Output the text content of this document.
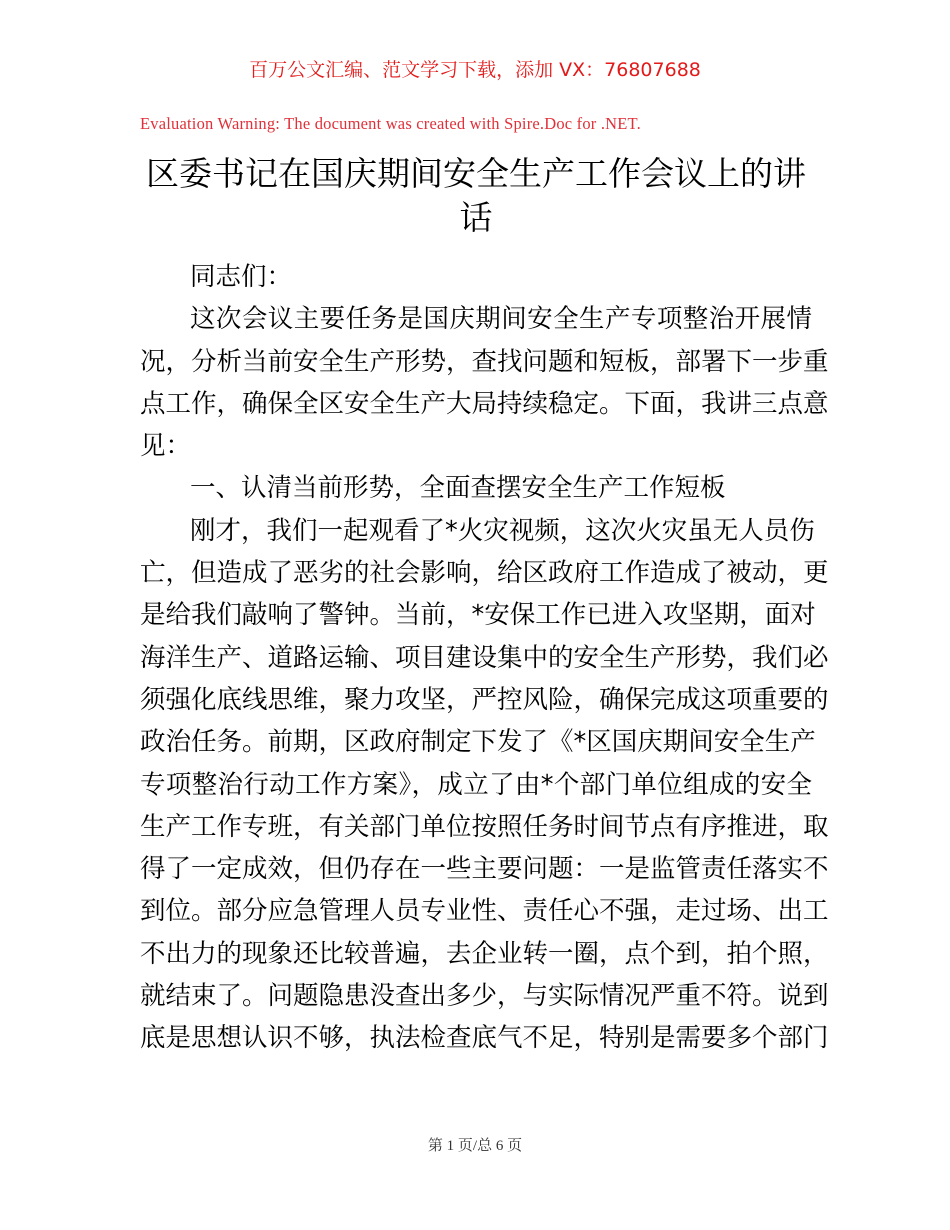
百万公文汇编、范文学习下载，添加 VX：76807688
Evaluation Warning: The document was created with Spire.Doc for .NET.
区委书记在国庆期间安全生产工作会议上的讲
话
同志们：
这次会议主要任务是国庆期间安全生产专项整治开展情
况，分析当前安全生产形势，查找问题和短板，部署下一步重
点工作，确保全区安全生产大局持续稳定。下面，我讲三点意
见：
一、认清当前形势，全面查摆安全生产工作短板
刚才，我们一起观看了*火灾视频，这次火灾虽无人员伤
亡，但造成了恶劣的社会影响，给区政府工作造成了被动，更
是给我们敲响了警钟。当前，*安保工作已进入攻坚期，面对
海洋生产、道路运输、项目建设集中的安全生产形势，我们必
须强化底线思维，聚力攻坚，严控风险，确保完成这项重要的
政治任务。前期，区政府制定下发了《*区国庆期间安全生产
专项整治行动工作方案》，成立了由*个部门单位组成的安全
生产工作专班，有关部门单位按照任务时间节点有序推进，取
得了一定成效，但仍存在一些主要问题：一是监管责任落实不
到位。部分应急管理人员专业性、责任心不强，走过场、出工
不出力的现象还比较普遍，去企业转一圈，点个到，拍个照，
就结束了。问题隐患没查出多少，与实际情况严重不符。说到
底是思想认识不够，执法检查底气不足，特别是需要多个部门
第 1 页/总 6 页
